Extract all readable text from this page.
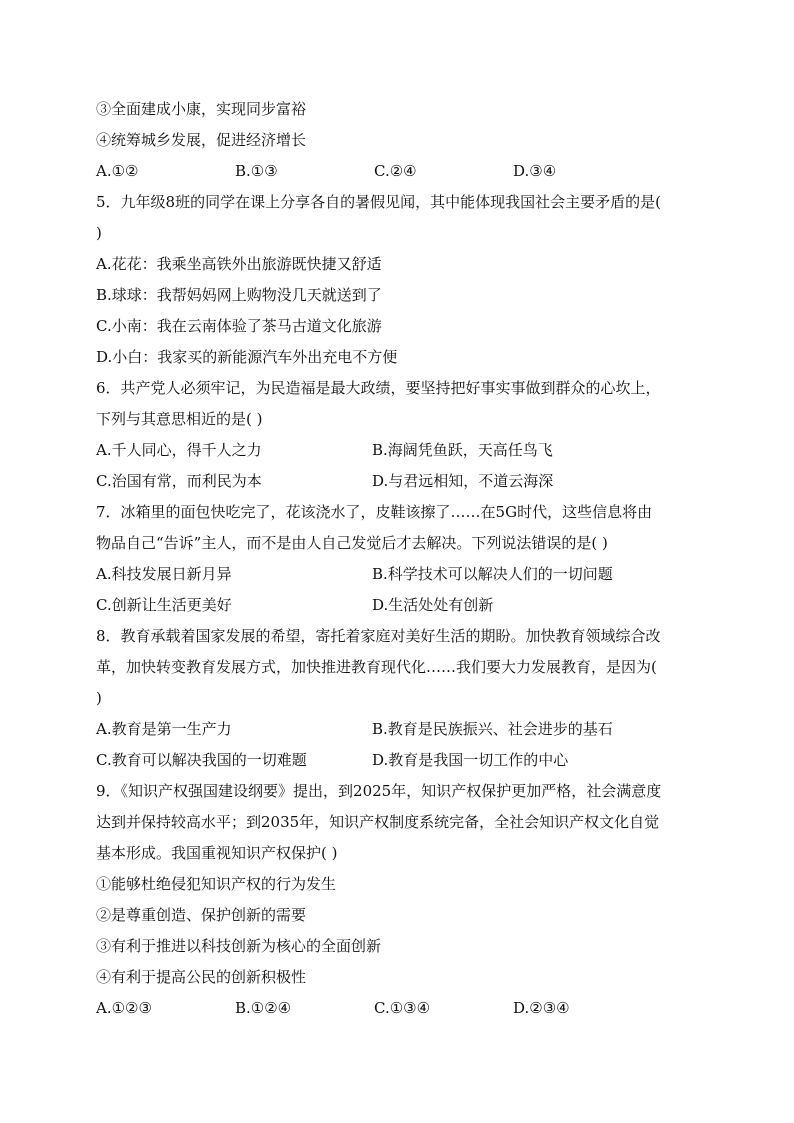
③全面建成小康，实现同步富裕
④统筹城乡发展，促进经济增长
A.①②	B.①③	C.②④	D.③④
5．九年级8班的同学在课上分享各自的暑假见闻，其中能体现我国社会主要矛盾的是(
)
A.花花：我乘坐高铁外出旅游既快捷又舒适
B.球球：我帮妈妈网上购物没几天就送到了
C.小南：我在云南体验了茶马古道文化旅游
D.小白：我家买的新能源汽车外出充电不方便
6．共产党人必须牢记，为民造福是最大政绩，要坚持把好事实事做到群众的心坎上，
下列与其意思相近的是( )
A.千人同心，得千人之力	B.海阔凭鱼跃，天高任鸟飞
C.治国有常，而利民为本	D.与君远相知，不道云海深
7．冰箱里的面包快吃完了，花该浇水了，皮鞋该擦了……在5G时代，这些信息将由
物品自己“告诉”主人，而不是由人自己发觉后才去解决。下列说法错误的是( )
A.科技发展日新月异	B.科学技术可以解决人们的一切问题
C.创新让生活更美好	D.生活处处有创新
8．教育承载着国家发展的希望，寄托着家庭对美好生活的期盼。加快教育领域综合改
革，加快转变教育发展方式，加快推进教育现代化……我们要大力发展教育，是因为(
)
A.教育是第一生产力	B.教育是民族振兴、社会进步的基石
C.教育可以解决我国的一切难题	D.教育是我国一切工作的中心
9．《知识产权强国建设纲要》提出，到2025年，知识产权保护更加严格，社会满意度
达到并保持较高水平；到2035年，知识产权制度系统完备，全社会知识产权文化自觉
基本形成。我国重视知识产权保护( )
①能够杜绝侵犯知识产权的行为发生
②是尊重创造、保护创新的需要
③有利于推进以科技创新为核心的全面创新
④有利于提高公民的创新积极性
A.①②③	B.①②④	C.①③④	D.②③④
